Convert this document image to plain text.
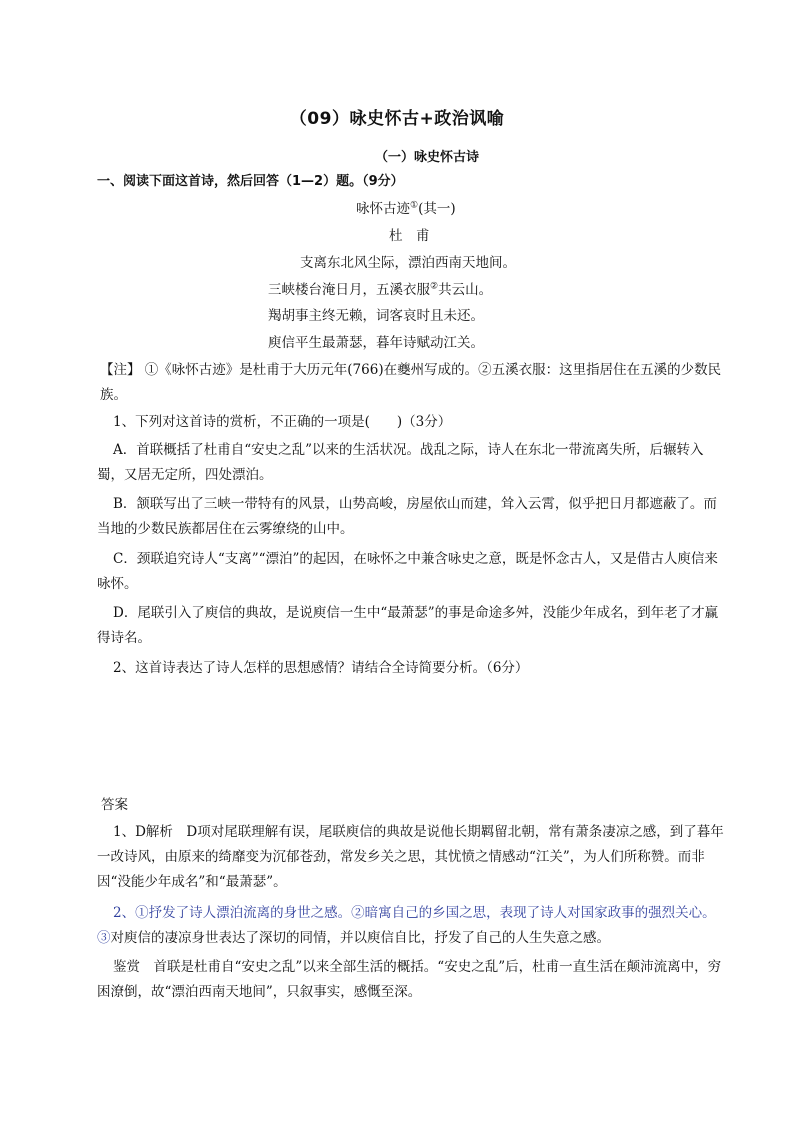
（09）咏史怀古+政治讽喻
（一）咏史怀古诗
一、阅读下面这首诗，然后回答（1—2）题。（9分）
咏怀古迹①(其一)
杜　甫
支离东北风尘际，漂泊西南天地间。
三峡楼台淹日月，五溪衣服②共云山。
羯胡事主终无赖，词客哀时且未还。
庾信平生最萧瑟，暮年诗赋动江关。
【注】 ①《咏怀古迹》是杜甫于大历元年(766)在夔州写成的。②五溪衣服：这里指居住在五溪的少数民族。
1、下列对这首诗的赏析，不正确的一项是(　　)（3分）
A．首联概括了杜甫自“安史之乱”以来的生活状况。战乱之际，诗人在东北一带流离失所，后辗转入蜀，又居无定所，四处漂泊。
B．颔联写出了三峡一带特有的风景，山势高峻，房屋依山而建，耸入云霄，似乎把日月都遮蔽了。而当地的少数民族都居住在云雾缭绕的山中。
C．颈联追究诗人“支离”“漂泊”的起因，在咏怀之中兼含咏史之意，既是怀念古人，又是借古人庾信来咏怀。
D．尾联引入了庾信的典故，是说庾信一生中“最萧瑟”的事是命途多舛，没能少年成名，到年老了才赢得诗名。
2、这首诗表达了诗人怎样的思想感情？请结合全诗简要分析。（6分）
答案
1、D解析　D项对尾联理解有误，尾联庾信的典故是说他长期羁留北朝，常有萧条凄凉之感，到了暮年一改诗风，由原来的绮靡变为沉郁苍劲，常发乡关之思，其忧愤之情感动“江关”，为人们所称赞。而非因“没能少年成名”和“最萧瑟”。
2、①抒发了诗人漂泊流离的身世之感。②暗寓自己的乡国之思，表现了诗人对国家政事的强烈关心。③对庾信的凄凉身世表达了深切的同情，并以庾信自比，抒发了自己的人生失意之感。
鉴赏　首联是杜甫自“安史之乱”以来全部生活的概括。“安史之乱”后，杜甫一直生活在颠沛流离中，穷困潦倒，故“漂泊西南天地间”，只叙事实，感慨至深。
